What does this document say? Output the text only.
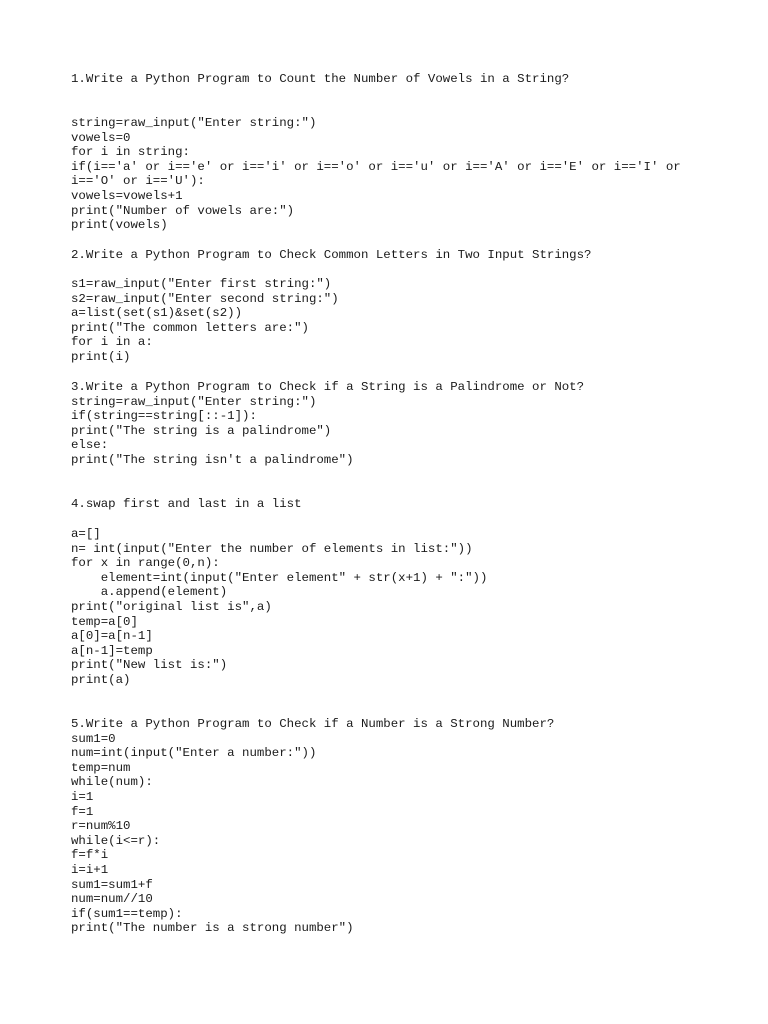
1.Write a Python Program to Count the Number of Vowels in a String?
string=raw_input("Enter string:")
vowels=0
for i in string:
if(i=='a' or i=='e' or i=='i' or i=='o' or i=='u' or i=='A' or i=='E' or i=='I' or
i=='O' or i=='U'):
vowels=vowels+1
print("Number of vowels are:")
print(vowels)
2.Write a Python Program to Check Common Letters in Two Input Strings?
s1=raw_input("Enter first string:")
s2=raw_input("Enter second string:")
a=list(set(s1)&set(s2))
print("The common letters are:")
for i in a:
print(i)
3.Write a Python Program to Check if a String is a Palindrome or Not?
string=raw_input("Enter string:")
if(string==string[::-1]):
print("The string is a palindrome")
else:
print("The string isn't a palindrome")
4.swap first and last in a list
a=[]
n= int(input("Enter the number of elements in list:"))
for x in range(0,n):
element=int(input("Enter element" + str(x+1) + ":"))
a.append(element)
print("original list is",a)
temp=a[0]
a[0]=a[n-1]
a[n-1]=temp
print("New list is:")
print(a)
5.Write a Python Program to Check if a Number is a Strong Number?
sum1=0
num=int(input("Enter a number:"))
temp=num
while(num):
i=1
f=1
r=num%10
while(i<=r):
f=f*i
i=i+1
sum1=sum1+f
num=num//10
if(sum1==temp):
print("The number is a strong number")
